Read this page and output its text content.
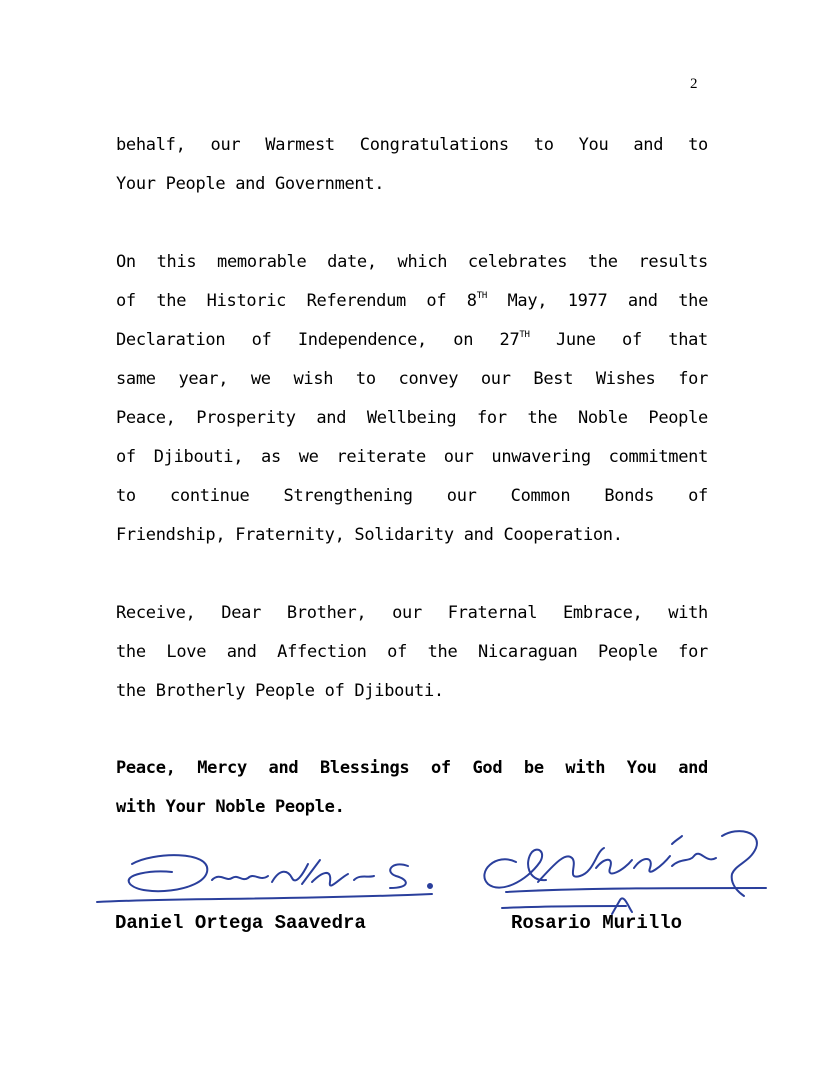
2
behalf, our Warmest Congratulations to You and to
Your People and Government.
On this memorable date, which celebrates the results
of the Historic Referendum of 8TH May, 1977 and the
Declaration of Independence, on 27TH June of that
same year, we wish to convey our Best Wishes for
Peace, Prosperity and Wellbeing for the Noble People
of Djibouti, as we reiterate our unwavering commitment
to continue Strengthening our Common Bonds of
Friendship, Fraternity, Solidarity and Cooperation.
Receive, Dear Brother, our Fraternal Embrace, with
the Love and Affection of the Nicaraguan People for
the Brotherly People of Djibouti.
Peace, Mercy and Blessings of God be with You and
with Your Noble People.
Daniel Ortega Saavedra	Rosario Murillo
